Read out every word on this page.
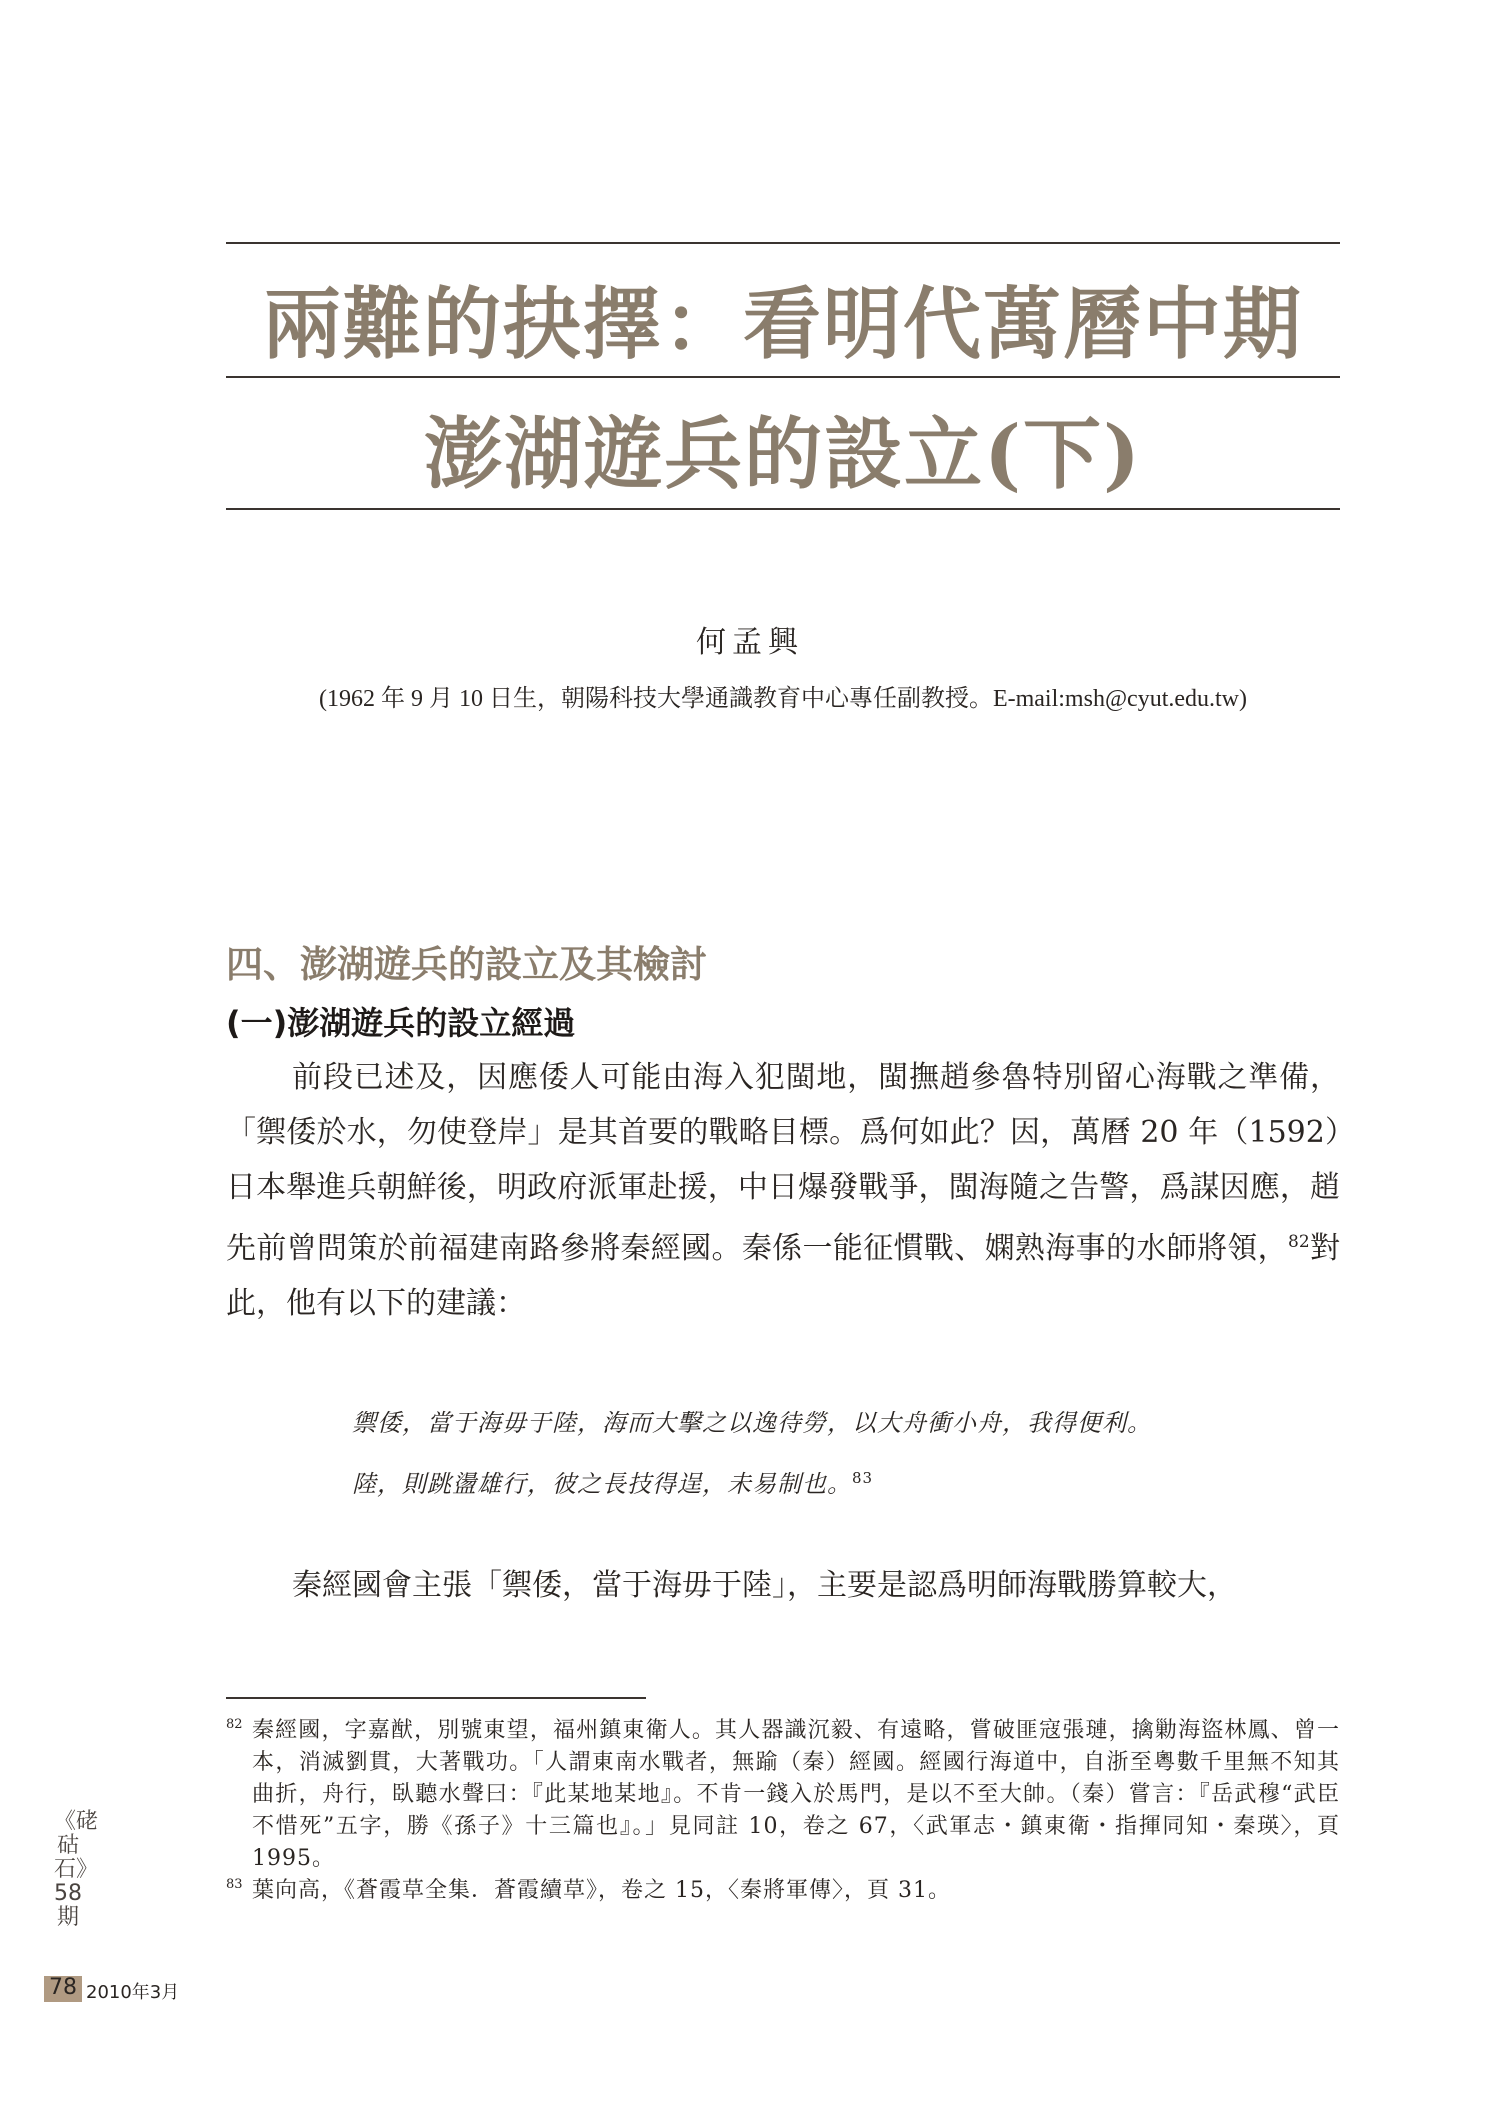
兩難的抉擇：看明代萬曆中期
澎湖遊兵的設立(下)
何孟興
(1962 年 9 月 10 日生，朝陽科技大學通識教育中心專任副教授。E-mail:msh@cyut.edu.tw)
四、澎湖遊兵的設立及其檢討
(一)澎湖遊兵的設立經過
前段已述及，因應倭人可能由海入犯閩地，閩撫趙參魯特別留心海戰之準備，「禦倭於水，勿使登岸」是其首要的戰略目標。爲何如此？因，萬曆 20 年（1592）日本舉進兵朝鮮後，明政府派軍赴援，中日爆發戰爭，閩海隨之告警，爲謀因應，趙先前曾問策於前福建南路參將秦經國。秦係一能征慣戰、嫻熟海事的水師將領，$^{82}$對此，他有以下的建議：
禦倭，當于海毋于陸，海而大擊之以逸待勞，以大舟衝小舟，我得便利。
陸，則跳盪雄行，彼之長技得逞，未易制也。$^{83}$
秦經國會主張「禦倭，當于海毋于陸」，主要是認爲明師海戰勝算較大，
82 秦經國，字嘉猷，別號東望，福州鎮東衛人。其人器識沉毅、有遠略，嘗破匪寇張璉，擒勦海盜林鳳、曾一本，消滅劉貫，大著戰功。「人謂東南水戰者，無踰（秦）經國。經國行海道中，自浙至粵數千里無不知其曲折，舟行，臥聽水聲曰：『此某地某地』。不肯一錢入於馬門，是以不至大帥。（秦）嘗言：『岳武穆“武臣不惜死”五字，勝《孫子》十三篇也』。」見同註 10，卷之 67，〈武軍志・鎮東衛・指揮同知・秦瑛〉，頁 1995。
83 葉向高，《蒼霞草全集．蒼霞續草》，卷之 15，〈秦將軍傳〉，頁 31。
《硓𥑮石》58期
78 2010年3月
